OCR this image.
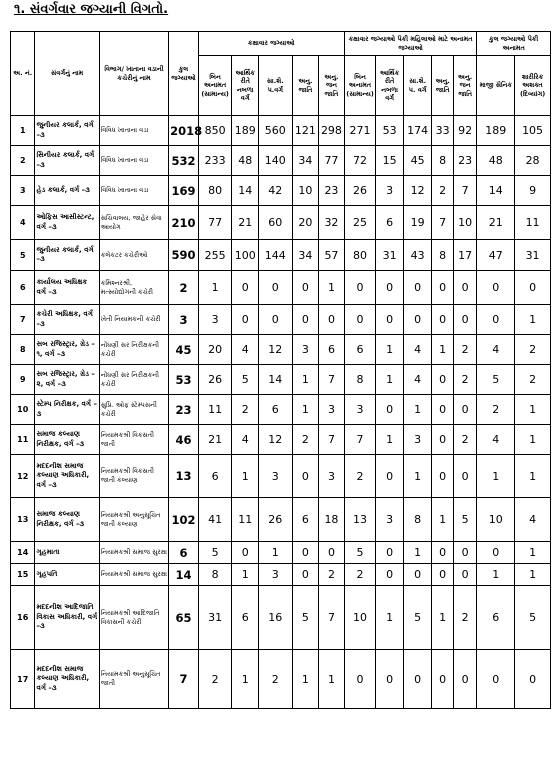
૧. સંવર્ગવાર જગ્યાની વિગતો.
અ. નં.	સંવર્ગનું નામ	વિભાગ/ ખાતાના વડાની કચેરીનું નામ	કુલ જગ્યાઓ	કક્ષાવાર જગ્યાઓ					કક્ષાવાર જગ્યાઓ પૈકી મહિલાઓ માટે અનામત જગ્યાઓ					કુલ જગ્યાઓ પૈકી અનામત	
				બિન અનામત (સામાન્ય)	આર્થિક રીતે નબળા વર્ગ	સા.શૈ. પ.વર્ગ	અનુ. જાતિ	અનુ. જન જાતિ	બિન અનામત (સામાન્ય)	આર્થિક રીતે નબળા વર્ગ	સા.શૈ. પ. વર્ગ	અનુ. જાતિ	અનુ. જન જાતિ	માજી સૈનિક	શારીરિક અશક્ત (દિવ્યાંગ)
1	જુનીયર કલાર્ક, વર્ગ –૩	વિવિધ ખાતાના વડા	2018	850	189	560	121	298	271	53	174	33	92	189	105
2	સિનીયર કલાર્ક, વર્ગ –૩	વિવિધ ખાતાના વડા	532	233	48	140	34	77	72	15	45	8	23	48	28
3	હેડ કલાર્ક, વર્ગ –૩	વિવિધ ખાતાના વડા	169	80	14	42	10	23	26	3	12	2	7	14	9
4	ઓફિસ આસીસ્ટન્ટ, વર્ગ –૩	સચિવાલય, જાહેર સેવા આયોગ	210	77	21	60	20	32	25	6	19	7	10	21	11
5	જુનીયર કલાર્ક, વર્ગ –૩	કલેકટર કચેરીઓ	590	255	100	144	34	57	80	31	43	8	17	47	31
6	કાર્યાલય અધિક્ષક વર્ગ –૩	કમિશ્નરશ્રી, મત્સ્યોદ્યોગની કચેરી	2	1	0	0	0	1	0	0	0	0	0	0	0
7	કચેરી અધિક્ષક, વર્ગ –૩	ખેતી નિયામકની કચેરી	3	3	0	0	0	0	0	0	0	0	0	0	1
8	સબ રજિસ્ટ્રાર, ગ્રેડ –૧, વર્ગ –૩	નોંધણી સર નિરીક્ષકની કચેરી	45	20	4	12	3	6	6	1	4	1	2	4	2
9	સબ રજિસ્ટ્રાર, ગ્રેડ –૨, વર્ગ –૩	નોંધણી સર નિરીક્ષકની કચેરી	53	26	5	14	1	7	8	1	4	0	2	5	2
10	સ્ટેમ્પ નિરીક્ષક, વર્ગ –૩	સુપ્રિ. ઓફ સ્ટેમ્પસની કચેરી	23	11	2	6	1	3	3	0	1	0	0	2	1
11	સમાજ કલ્યાણ નિરીક્ષક, વર્ગ –૩	નિયામકશ્રી વિકસતી જાતી	46	21	4	12	2	7	7	1	3	0	2	4	1
12	મદદનીશ સમાજ કલ્યાણ અધિકારી, વર્ગ –૩	નિયામકશ્રી વિકસતી જાતી કલ્યાણ	13	6	1	3	0	3	2	0	1	0	0	1	1
13	સમાજ કલ્યાણ નિરીક્ષક, વર્ગ –૩	નિયામકશ્રી અનુસૂચિત જાતી કલ્યાણ	102	41	11	26	6	18	13	3	8	1	5	10	4
14	ગૃહમાતા	નિયામકશ્રી સમાજ સુરક્ષા	6	5	0	1	0	0	5	0	1	0	0	0	1
15	ગૃહપતિ	નિયામકશ્રી સમાજ સુરક્ષા	14	8	1	3	0	2	2	0	0	0	0	1	1
16	મદદનીશ આદિજાતિ વિકાસ અધિકારી, વર્ગ –૩	નિયામકશ્રી આદિજાતિ વિકાસની કચેરી	65	31	6	16	5	7	10	1	5	1	2	6	5
17	મદદનીશ સમાજ કલ્યાણ અધિકારી, વર્ગ –૩	નિયામકશ્રી અનુસૂચિત જાતી	7	2	1	2	1	1	0	0	0	0	0	0	0
